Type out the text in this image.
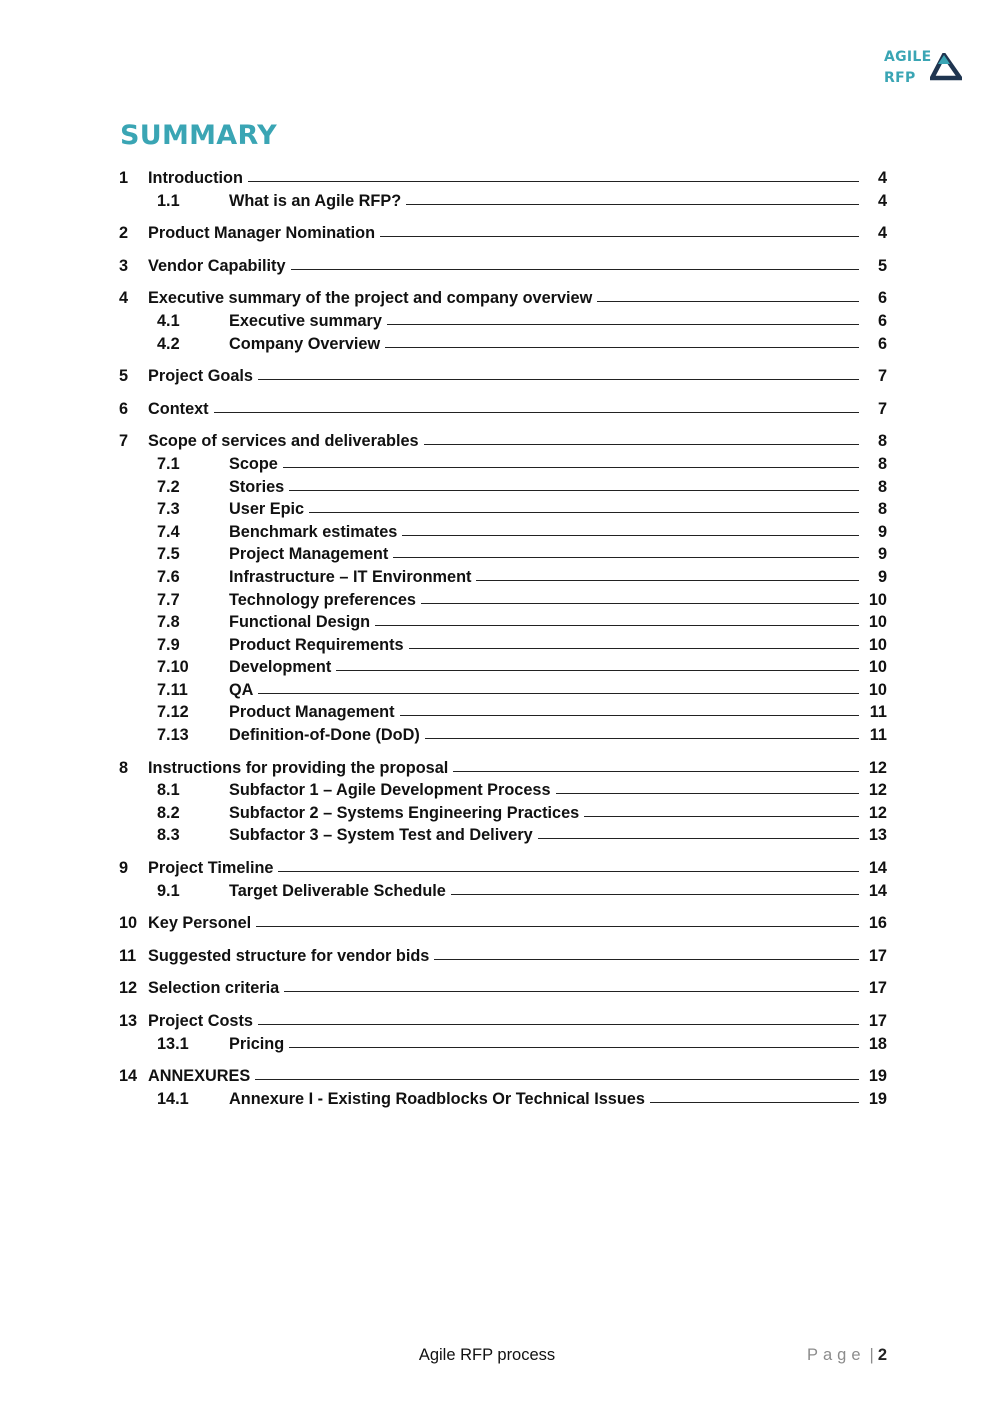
AGILE
RFP
SUMMARY
1	Introduction	4
1.1	What is an Agile RFP?	4
2	Product Manager Nomination	4
3	Vendor Capability	5
4	Executive summary of the project and company overview	6
4.1	Executive summary	6
4.2	Company Overview	6
5	Project Goals	7
6	Context	7
7	Scope of services and deliverables	8
7.1	Scope	8
7.2	Stories	8
7.3	User Epic	8
7.4	Benchmark estimates	9
7.5	Project Management	9
7.6	Infrastructure – IT Environment	9
7.7	Technology preferences	10
7.8	Functional Design	10
7.9	Product Requirements	10
7.10	Development	10
7.11	QA	10
7.12	Product Management	11
7.13	Definition-of-Done (DoD)	11
8	Instructions for providing the proposal	12
8.1	Subfactor 1 – Agile Development Process	12
8.2	Subfactor 2 – Systems Engineering Practices	12
8.3	Subfactor 3 – System Test and Delivery	13
9	Project Timeline	14
9.1	Target Deliverable Schedule	14
10 Key Personel	16
11 Suggested structure for vendor bids	17
12 Selection criteria	17
13 Project Costs	17
13.1	Pricing	18
14 ANNEXURES	19
14.1	Annexure I - Existing Roadblocks Or Technical Issues	19
Agile RFP process	Page | 2
